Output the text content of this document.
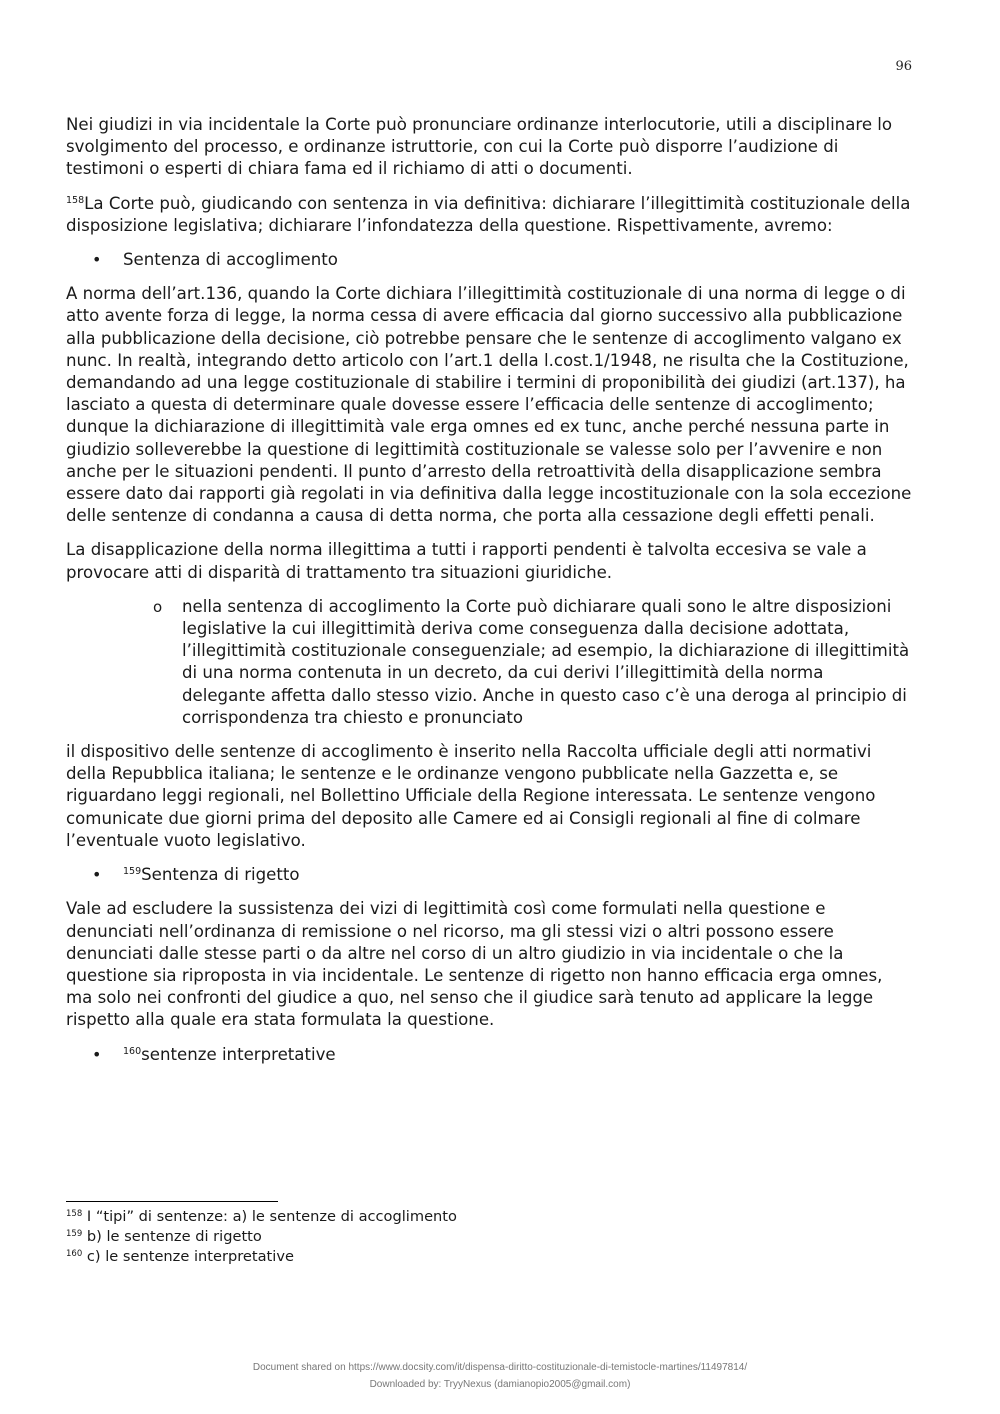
96

Nei giudizi in via incidentale la Corte può pronunciare ordinanze interlocutorie, utili a disciplinare lo svolgimento del processo, e ordinanze istruttorie, con cui la Corte può disporre l’audizione di testimoni o esperti di chiara fama ed il richiamo di atti o documenti.

$^{158}$La Corte può, giudicando con sentenza in via definitiva: dichiarare l’illegittimità costituzionale della disposizione legislativa; dichiarare l’infondatezza della questione. Rispettivamente, avremo:

• Sentenza di accoglimento

A norma dell’art.136, quando la Corte dichiara l’illegittimità costituzionale di una norma di legge o di atto avente forza di legge, la norma cessa di avere efficacia dal giorno successivo alla pubblicazione alla pubblicazione della decisione, ciò potrebbe pensare che le sentenze di accoglimento valgano ex nunc. In realtà, integrando detto articolo con l’art.1 della l.cost.1/1948, ne risulta che la Costituzione, demandando ad una legge costituzionale di stabilire i termini di proponibilità dei giudizi (art.137), ha lasciato a questa di determinare quale dovesse essere l’efficacia delle sentenze di accoglimento; dunque la dichiarazione di illegittimità vale erga omnes ed ex tunc, anche perché nessuna parte in giudizio solleverebbe la questione di legittimità costituzionale se valesse solo per l’avvenire e non anche per le situazioni pendenti. Il punto d’arresto della retroattività della disapplicazione sembra essere dato dai rapporti già regolati in via definitiva dalla legge incostituzionale con la sola eccezione delle sentenze di condanna a causa di detta norma, che porta alla cessazione degli effetti penali.

La disapplicazione della norma illegittima a tutti i rapporti pendenti è talvolta eccesiva se vale a provocare atti di disparità di trattamento tra situazioni giuridiche.

o nella sentenza di accoglimento la Corte può dichiarare quali sono le altre disposizioni legislative la cui illegittimità deriva come conseguenza dalla decisione adottata, l’illegittimità costituzionale conseguenziale; ad esempio, la dichiarazione di illegittimità di una norma contenuta in un decreto, da cui derivi l’illegittimità della norma delegante affetta dallo stesso vizio. Anche in questo caso c’è una deroga al principio di corrispondenza tra chiesto e pronunciato

il dispositivo delle sentenze di accoglimento è inserito nella Raccolta ufficiale degli atti normativi della Repubblica italiana; le sentenze e le ordinanze vengono pubblicate nella Gazzetta e, se riguardano leggi regionali, nel Bollettino Ufficiale della Regione interessata. Le sentenze vengono comunicate due giorni prima del deposito alle Camere ed ai Consigli regionali al fine di colmare l’eventuale vuoto legislativo.

• $^{159}$Sentenza di rigetto

Vale ad escludere la sussistenza dei vizi di legittimità così come formulati nella questione e denunciati nell’ordinanza di remissione o nel ricorso, ma gli stessi vizi o altri possono essere denunciati dalle stesse parti o da altre nel corso di un altro giudizio in via incidentale o che la questione sia riproposta in via incidentale. Le sentenze di rigetto non hanno efficacia erga omnes, ma solo nei confronti del giudice a quo, nel senso che il giudice sarà tenuto ad applicare la legge rispetto alla quale era stata formulata la questione.

• $^{160}$sentenze interpretative
$^{158}$ I “tipi” di sentenze: a) le sentenze di accoglimento
$^{159}$ b) le sentenze di rigetto
$^{160}$ c) le sentenze interpretative
Document shared on https://www.docsity.com/it/dispensa-diritto-costituzionale-di-temistocle-martines/11497814/
Downloaded by: TryyNexus (damianopio2005@gmail.com)
